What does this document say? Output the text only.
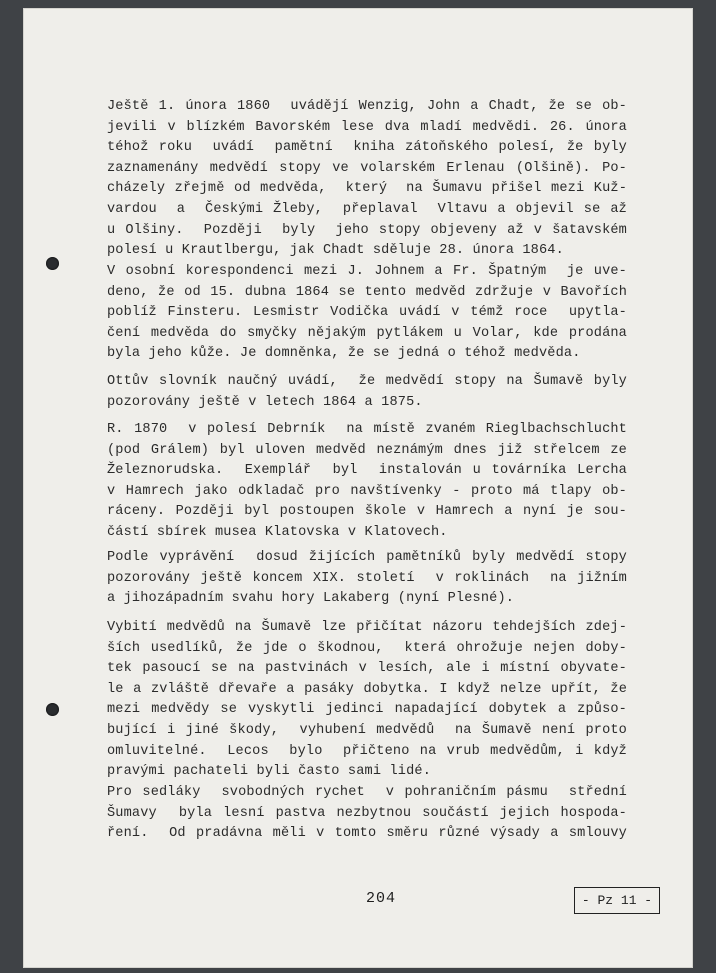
Ještě 1. února 1860  uvádějí Wenzig, John a Chadt, že se ob-
jevili v blízkém Bavorském lese dva mladí medvědi. 26. února
téhož roku  uvádí  pamětní  kniha zátoňského polesí, že byly
zaznamenány medvědí stopy ve volarském Erlenau (Olšině). Po-
cházely zřejmě od medvěda,  který  na Šumavu přišel mezi Kuž-
vardou  a  Českými Žleby,  přeplaval  Vltavu a objevil se až
u Olšiny.  Později  byly  jeho stopy objeveny až v šatavském
polesí u Krautlbergu, jak Chadt sděluje 28. února 1864.
V osobní korespondenci mezi J. Johnem a Fr. Špatným  je uve-
deno, že od 15. dubna 1864 se tento medvěd zdržuje v Bavořích
poblíž Finsteru. Lesmistr Vodička uvádí v témž roce  upytla-
čení medvěda do smyčky nějakým pytlákem u Volar, kde prodána
byla jeho kůže. Je domněnka, že se jedná o téhož medvěda.
Ottův slovník naučný uvádí,  že medvědí stopy na Šumavě byly
pozorovány ještě v letech 1864 a 1875.
R. 1870  v polesí Debrník  na místě zvaném Rieglbachschlucht
(pod Grálem) byl uloven medvěd neznámým dnes již střelcem ze
Železnorudska.  Exemplář  byl  instalován u továrníka Lercha
v Hamrech jako odkladač pro navštívenky - proto má tlapy ob-
ráceny. Později byl postoupen škole v Hamrech a nyní je sou-
částí sbírek musea Klatovska v Klatovech.
Podle vyprávění  dosud žijících pamětníků byly medvědí stopy
pozorovány ještě koncem XIX. století  v roklinách  na jižním
a jihozápadním svahu hory Lakaberg (nyní Plesné).
Vybití medvědů na Šumavě lze přičítat názoru tehdejších zdej-
ších usedlíků, že jde o škodnou,  která ohrožuje nejen doby-
tek pasoucí se na pastvinách v lesích, ale i místní obyvate-
le a zvláště dřevaře a pasáky dobytka. I když nelze upřít, že
mezi medvědy se vyskytli jedinci napadající dobytek a způso-
bující i jiné škody,  vyhubení medvědů  na Šumavě není proto
omluvitelné.  Lecos  bylo  přičteno na vrub medvědům, i když
pravými pachateli byli často sami lidé.
Pro sedláky  svobodných rychet  v pohraničním pásmu  střední
Šumavy  byla lesní pastva nezbytnou součástí jejich hospoda-
ření.  Od pradávna měli v tomto směru různé výsady a smlouvy
204	- Pz 11 -
